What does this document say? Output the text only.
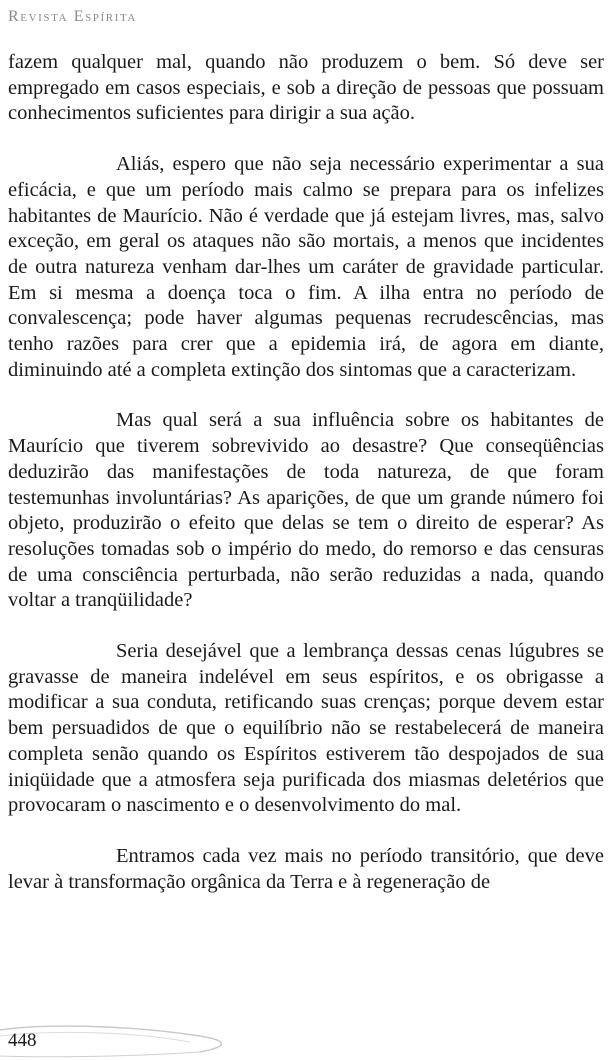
Revista Espírita

fazem qualquer mal, quando não produzem o bem. Só deve ser empregado em casos especiais, e sob a direção de pessoas que possuam conhecimentos suficientes para dirigir a sua ação.

Aliás, espero que não seja necessário experimentar a sua eficácia, e que um período mais calmo se prepara para os infelizes habitantes de Maurício. Não é verdade que já estejam livres, mas, salvo exceção, em geral os ataques não são mortais, a menos que incidentes de outra natureza venham dar-lhes um caráter de gravidade particular. Em si mesma a doença toca o fim. A ilha entra no período de convalescença; pode haver algumas pequenas recrudescências, mas tenho razões para crer que a epidemia irá, de agora em diante, diminuindo até a completa extinção dos sintomas que a caracterizam.

Mas qual será a sua influência sobre os habitantes de Maurício que tiverem sobrevivido ao desastre? Que conseqüências deduzirão das manifestações de toda natureza, de que foram testemunhas involuntárias? As aparições, de que um grande número foi objeto, produzirão o efeito que delas se tem o direito de esperar? As resoluções tomadas sob o império do medo, do remorso e das censuras de uma consciência perturbada, não serão reduzidas a nada, quando voltar a tranqüilidade?

Seria desejável que a lembrança dessas cenas lúgubres se gravasse de maneira indelével em seus espíritos, e os obrigasse a modificar a sua conduta, retificando suas crenças; porque devem estar bem persuadidos de que o equilíbrio não se restabelecerá de maneira completa senão quando os Espíritos estiverem tão despojados de sua iniqüidade que a atmosfera seja purificada dos miasmas deletérios que provocaram o nascimento e o desenvolvimento do mal.

Entramos cada vez mais no período transitório, que deve levar à transformação orgânica da Terra e à regeneração de

448
